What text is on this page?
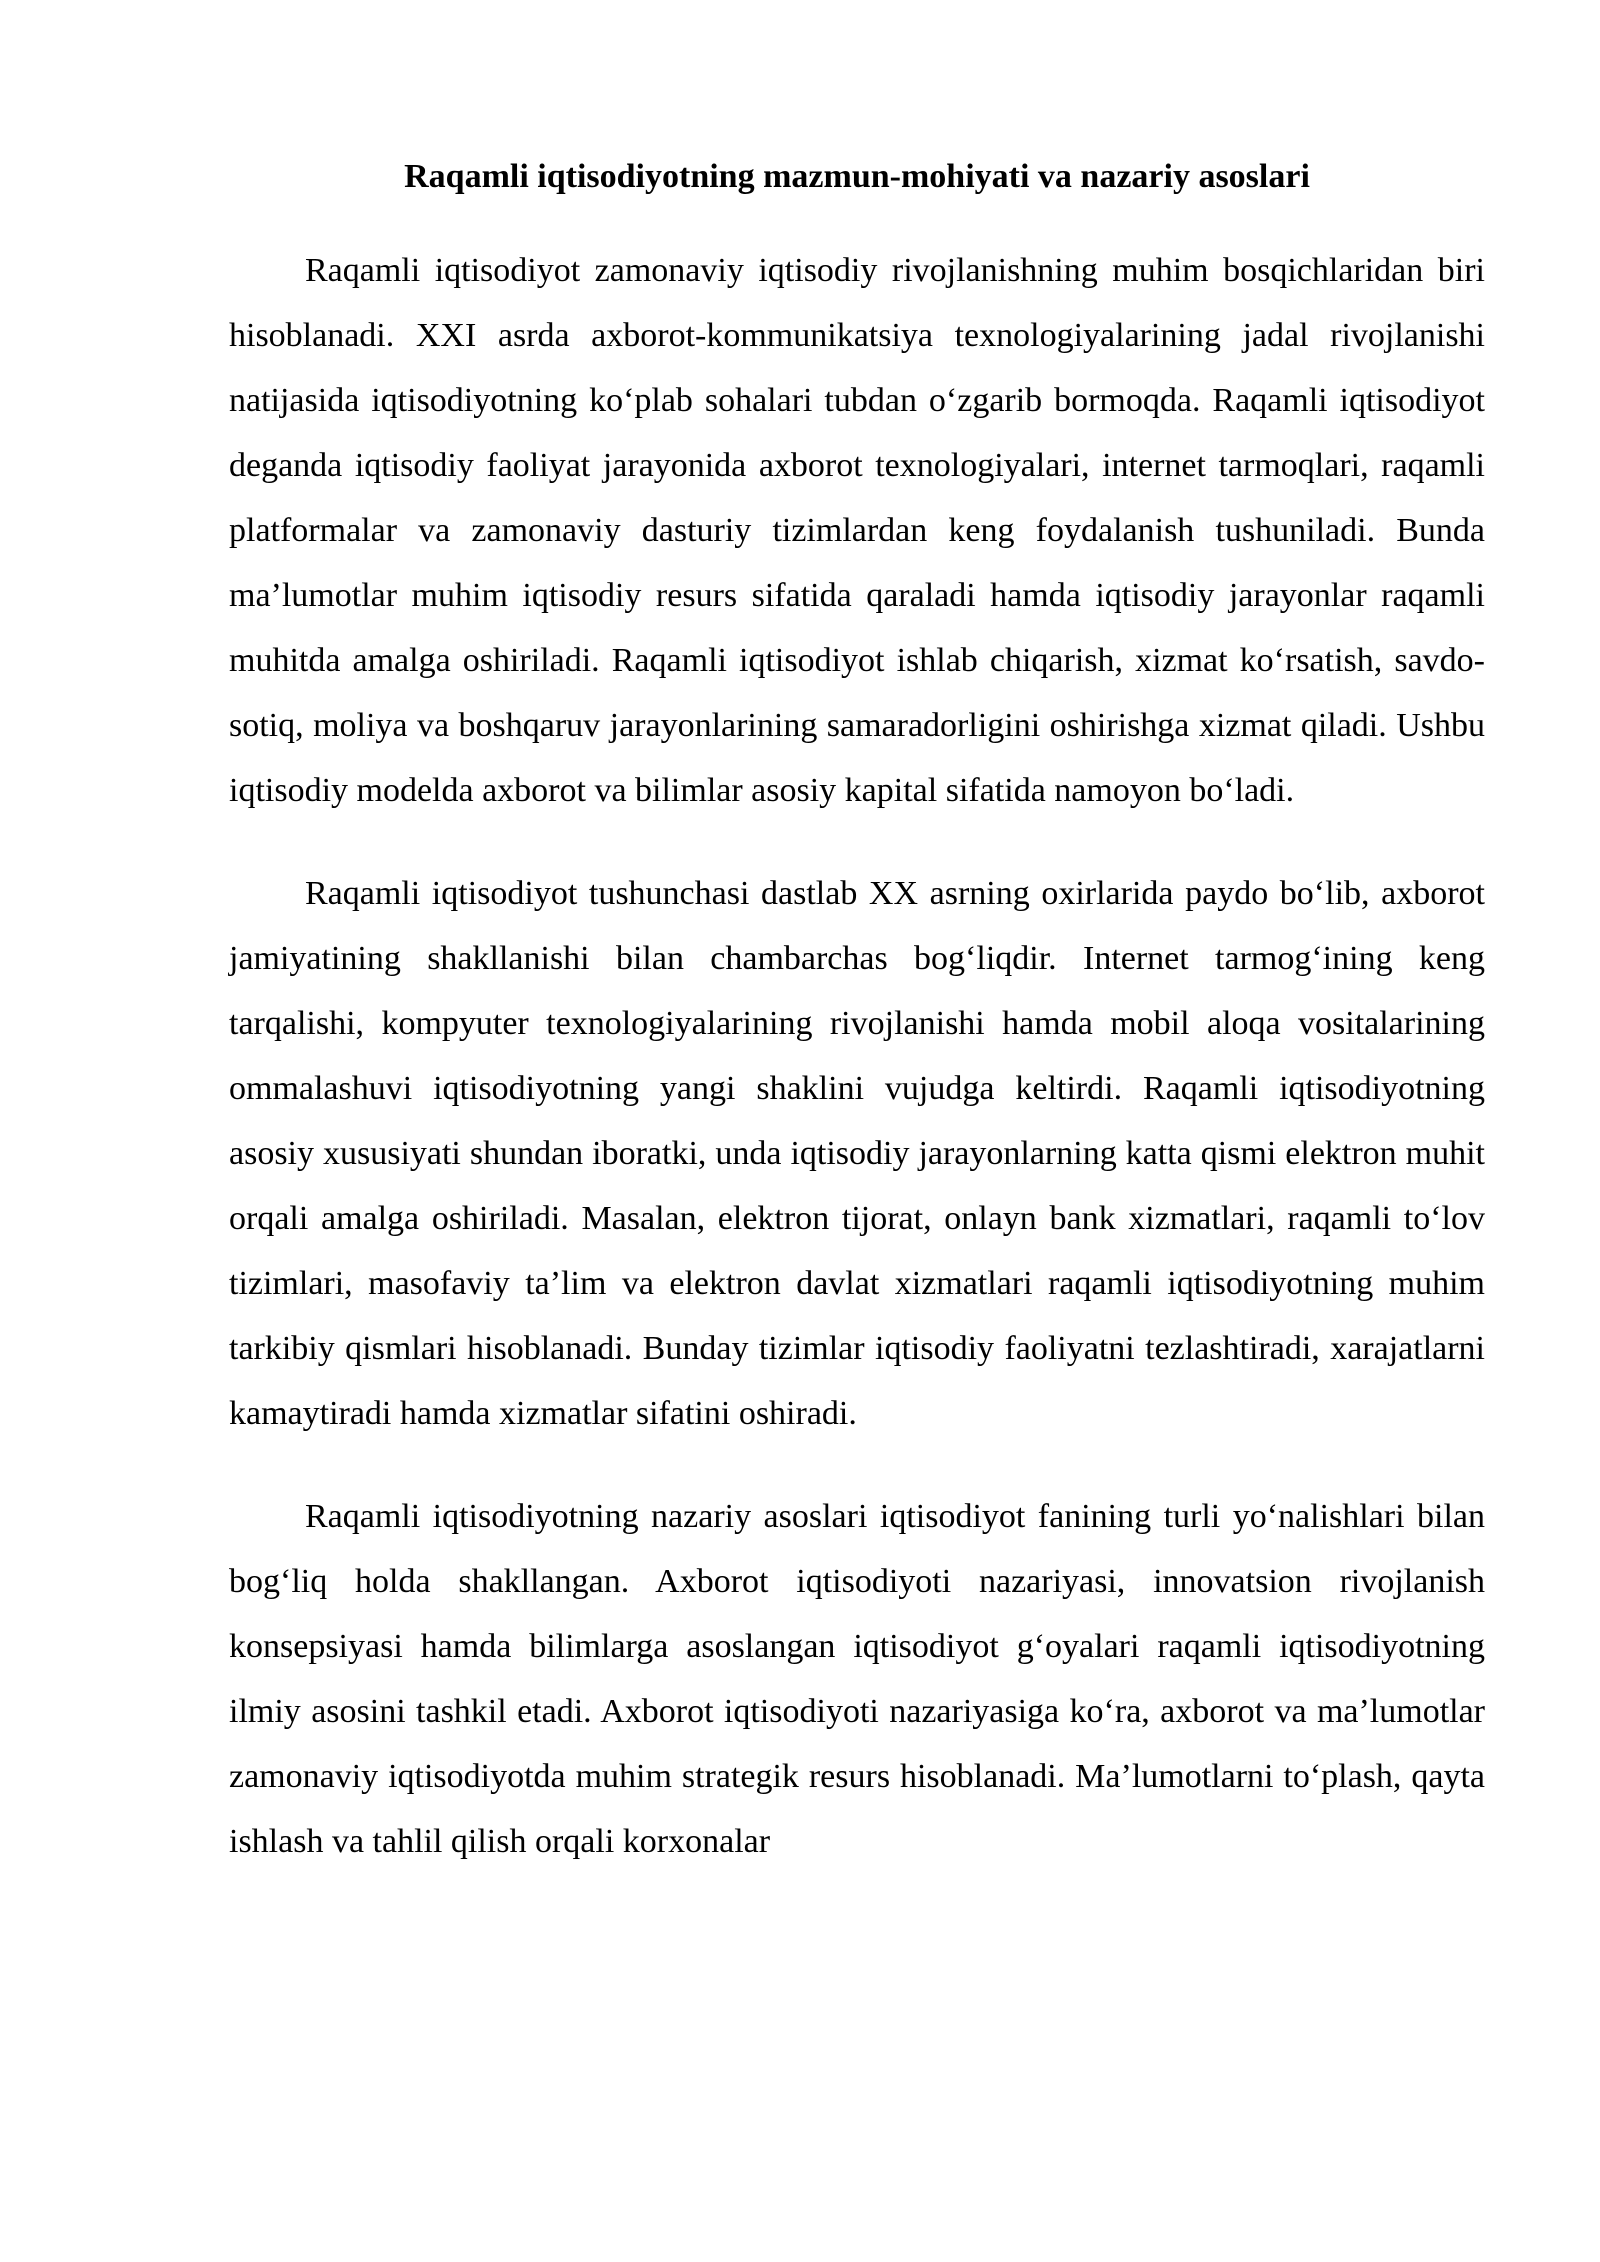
Raqamli iqtisodiyotning mazmun-mohiyati va nazariy asoslari

Raqamli iqtisodiyot zamonaviy iqtisodiy rivojlanishning muhim bosqichlaridan biri hisoblanadi. XXI asrda axborot-kommunikatsiya texnologiyalarining jadal rivojlanishi natijasida iqtisodiyotning ko‘plab sohalari tubdan o‘zgarib bormoqda. Raqamli iqtisodiyot deganda iqtisodiy faoliyat jarayonida axborot texnologiyalari, internet tarmoqlari, raqamli platformalar va zamonaviy dasturiy tizimlardan keng foydalanish tushuniladi. Bunda ma’lumotlar muhim iqtisodiy resurs sifatida qaraladi hamda iqtisodiy jarayonlar raqamli muhitda amalga oshiriladi. Raqamli iqtisodiyot ishlab chiqarish, xizmat ko‘rsatish, savdo-sotiq, moliya va boshqaruv jarayonlarining samaradorligini oshirishga xizmat qiladi. Ushbu iqtisodiy modelda axborot va bilimlar asosiy kapital sifatida namoyon bo‘ladi.

Raqamli iqtisodiyot tushunchasi dastlab XX asrning oxirlarida paydo bo‘lib, axborot jamiyatining shakllanishi bilan chambarchas bog‘liqdir. Internet tarmog‘ining keng tarqalishi, kompyuter texnologiyalarining rivojlanishi hamda mobil aloqa vositalarining ommalashuvi iqtisodiyotning yangi shaklini vujudga keltirdi. Raqamli iqtisodiyotning asosiy xususiyati shundan iboratki, unda iqtisodiy jarayonlarning katta qismi elektron muhit orqali amalga oshiriladi. Masalan, elektron tijorat, onlayn bank xizmatlari, raqamli to‘lov tizimlari, masofaviy ta’lim va elektron davlat xizmatlari raqamli iqtisodiyotning muhim tarkibiy qismlari hisoblanadi. Bunday tizimlar iqtisodiy faoliyatni tezlashtiradi, xarajatlarni kamaytiradi hamda xizmatlar sifatini oshiradi.

Raqamli iqtisodiyotning nazariy asoslari iqtisodiyot fanining turli yo‘nalishlari bilan bog‘liq holda shakllangan. Axborot iqtisodiyoti nazariyasi, innovatsion rivojlanish konsepsiyasi hamda bilimlarga asoslangan iqtisodiyot g‘oyalari raqamli iqtisodiyotning ilmiy asosini tashkil etadi. Axborot iqtisodiyoti nazariyasiga ko‘ra, axborot va ma’lumotlar zamonaviy iqtisodiyotda muhim strategik resurs hisoblanadi. Ma’lumotlarni to‘plash, qayta ishlash va tahlil qilish orqali korxonalar
